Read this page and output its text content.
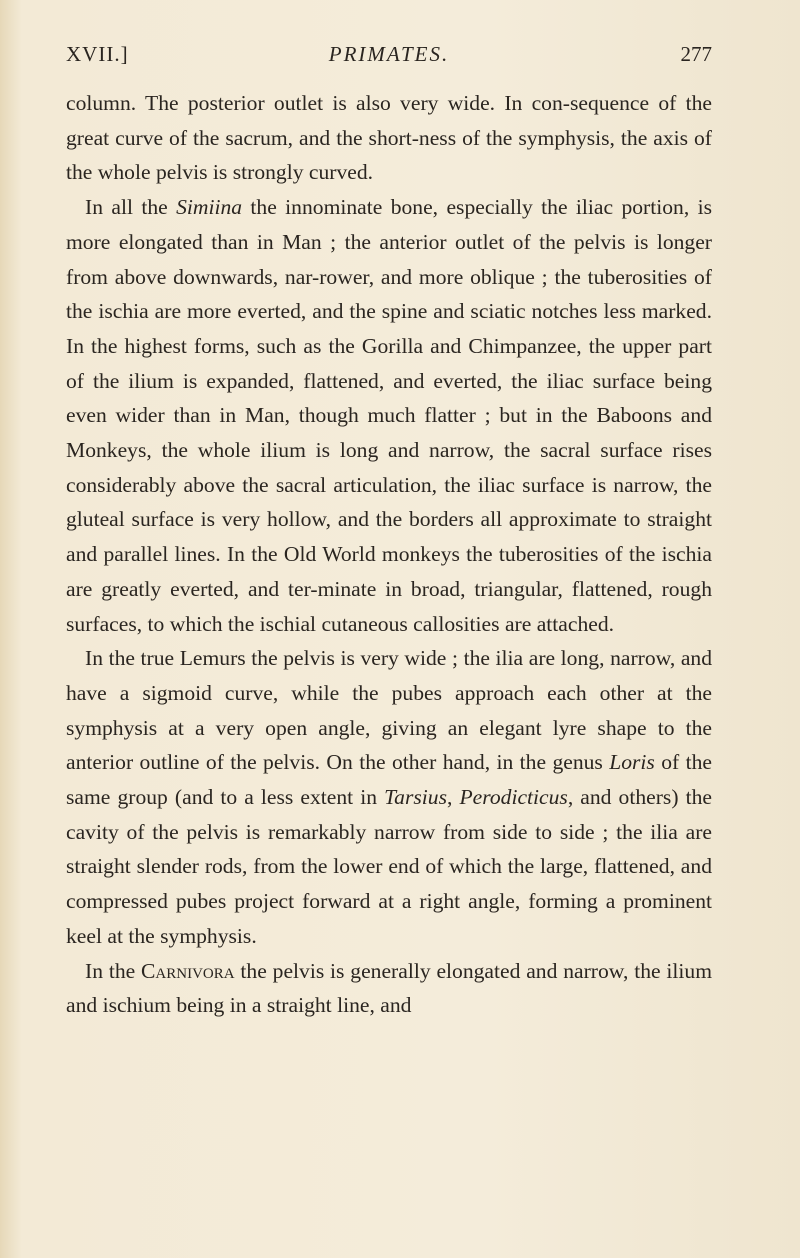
XVII.]	PRIMATES.	277

column. The posterior outlet is also very wide. In con-sequence of the great curve of the sacrum, and the short-ness of the symphysis, the axis of the whole pelvis is strongly curved.

In all the Simiina the innominate bone, especially the iliac portion, is more elongated than in Man ; the anterior outlet of the pelvis is longer from above downwards, nar-rower, and more oblique ; the tuberosities of the ischia are more everted, and the spine and sciatic notches less marked. In the highest forms, such as the Gorilla and Chimpanzee, the upper part of the ilium is expanded, flattened, and everted, the iliac surface being even wider than in Man, though much flatter ; but in the Baboons and Monkeys, the whole ilium is long and narrow, the sacral surface rises considerably above the sacral articulation, the iliac surface is narrow, the gluteal surface is very hollow, and the borders all approximate to straight and parallel lines. In the Old World monkeys the tuberosities of the ischia are greatly everted, and ter-minate in broad, triangular, flattened, rough surfaces, to which the ischial cutaneous callosities are attached.

In the true Lemurs the pelvis is very wide ; the ilia are long, narrow, and have a sigmoid curve, while the pubes approach each other at the symphysis at a very open angle, giving an elegant lyre shape to the anterior outline of the pelvis. On the other hand, in the genus Loris of the same group (and to a less extent in Tarsius, Perodicticus, and others) the cavity of the pelvis is remarkably narrow from side to side ; the ilia are straight slender rods, from the lower end of which the large, flattened, and compressed pubes project forward at a right angle, forming a prominent keel at the symphysis.

In the Carnivora the pelvis is generally elongated and narrow, the ilium and ischium being in a straight line, and
